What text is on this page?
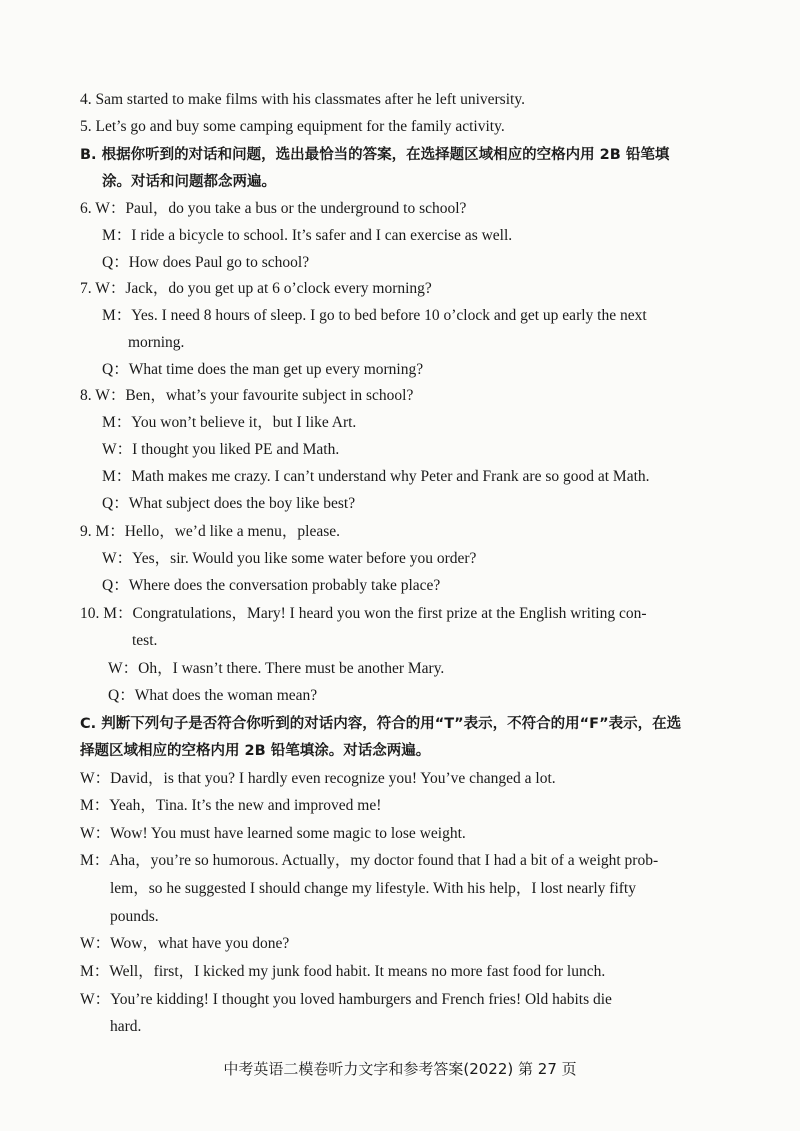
4. Sam started to make films with his classmates after he left university.
5. Let’s go and buy some camping equipment for the family activity.
B. 根据你听到的对话和问题，选出最恰当的答案，在选择题区域相应的空格内用 2B 铅笔填
涂。对话和问题都念两遍。
6. W：Paul，do you take a bus or the underground to school?
M：I ride a bicycle to school. It’s safer and I can exercise as well.
Q：How does Paul go to school?
7. W：Jack，do you get up at 6 o’clock every morning?
M：Yes. I need 8 hours of sleep. I go to bed before 10 o’clock and get up early the next
morning.
Q：What time does the man get up every morning?
8. W：Ben，what’s your favourite subject in school?
M：You won’t believe it，but I like Art.
W：I thought you liked PE and Math.
M：Math makes me crazy. I can’t understand why Peter and Frank are so good at Math.
Q：What subject does the boy like best?
9. M：Hello，we’d like a menu，please.
W：Yes，sir. Would you like some water before you order?
Q：Where does the conversation probably take place?
10. M：Congratulations，Mary! I heard you won the first prize at the English writing con-
test.
W：Oh，I wasn’t there. There must be another Mary.
Q：What does the woman mean?
C. 判断下列句子是否符合你听到的对话内容，符合的用“T”表示，不符合的用“F”表示，在选
择题区域相应的空格内用 2B 铅笔填涂。对话念两遍。
W：David，is that you? I hardly even recognize you! You’ve changed a lot.
M：Yeah，Tina. It’s the new and improved me!
W：Wow! You must have learned some magic to lose weight.
M：Aha，you’re so humorous. Actually，my doctor found that I had a bit of a weight prob-
lem，so he suggested I should change my lifestyle. With his help，I lost nearly fifty
pounds.
W：Wow，what have you done?
M：Well，first，I kicked my junk food habit. It means no more fast food for lunch.
W：You’re kidding! I thought you loved hamburgers and French fries! Old habits die
hard.
中考英语二模卷听力文字和参考答案(2022) 第 27 页
